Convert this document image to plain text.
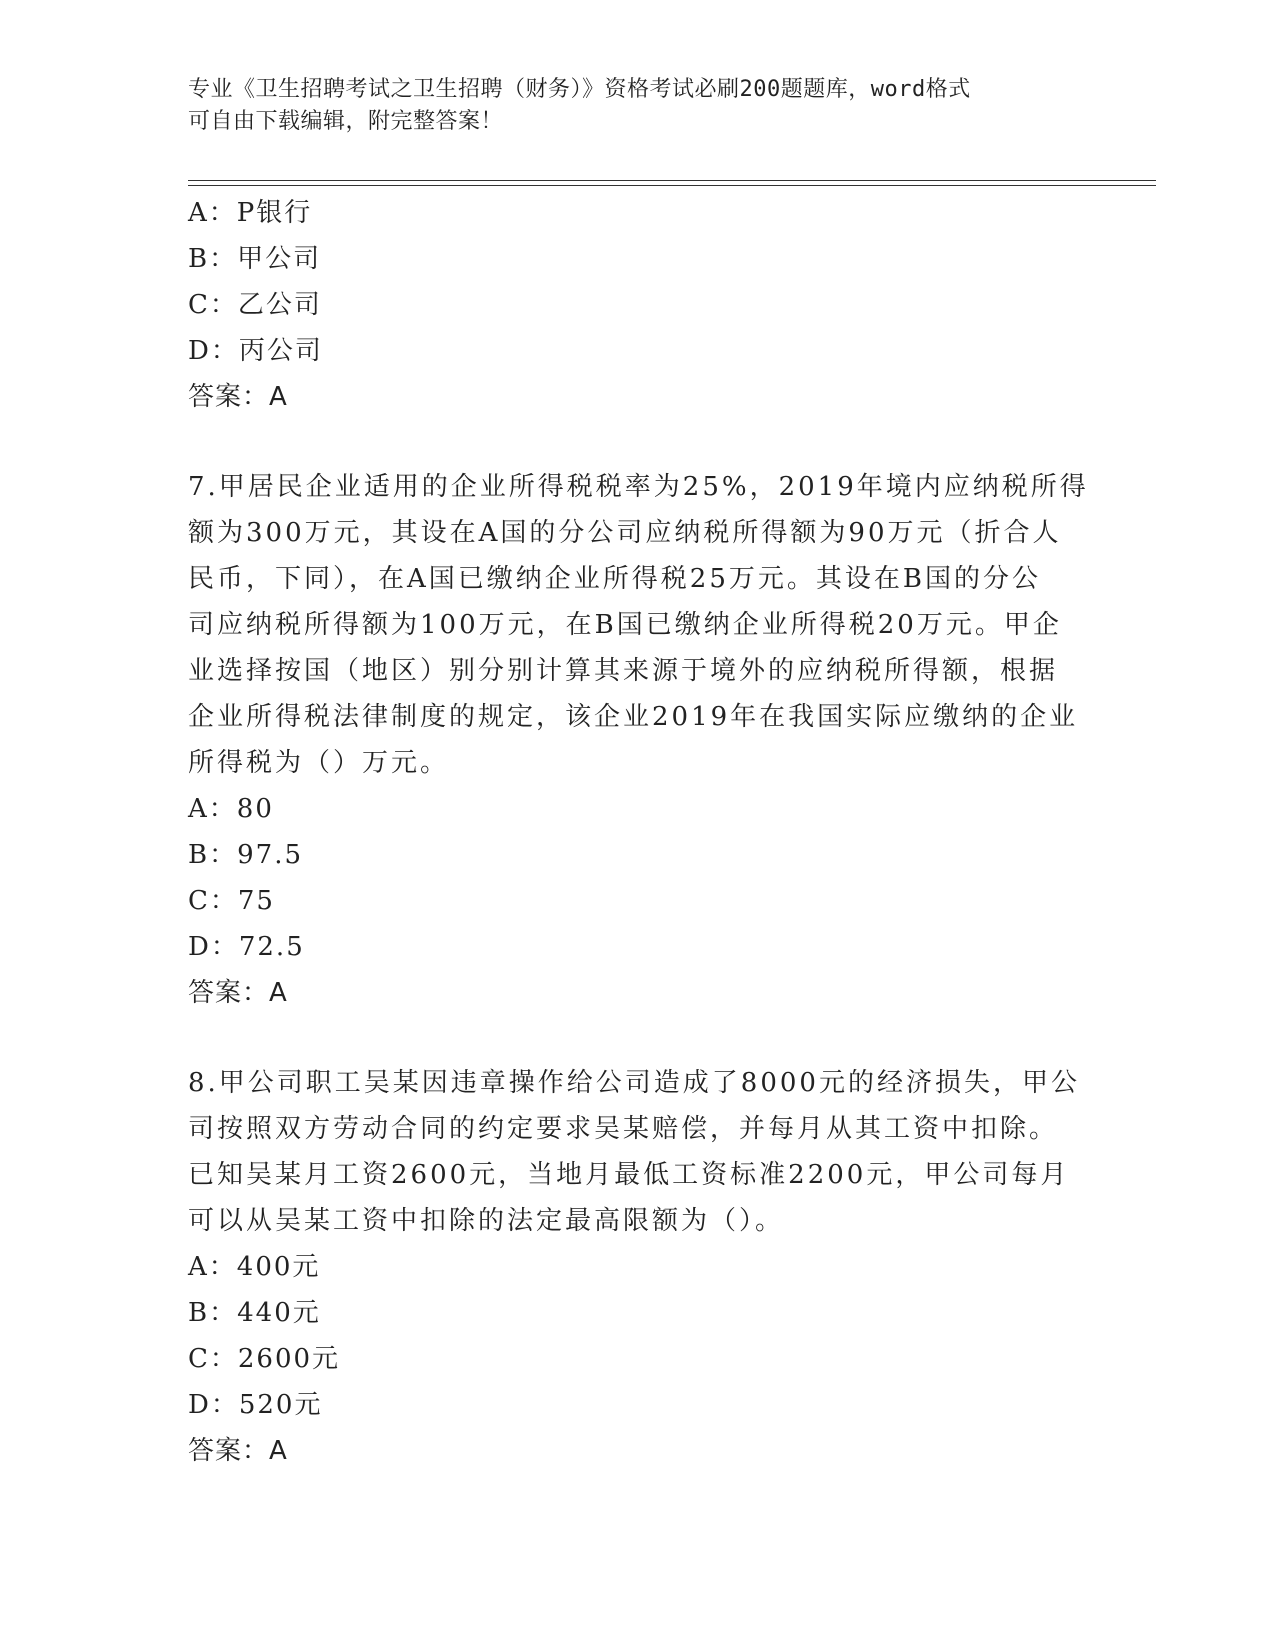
专业《卫生招聘考试之卫生招聘（财务）》资格考试必刷200题题库，word格式
可自由下载编辑，附完整答案！
A：P银行
B：甲公司
C：乙公司
D：丙公司
答案：A
7.甲居民企业适用的企业所得税税率为25%，2019年境内应纳税所得
额为300万元，其设在A国的分公司应纳税所得额为90万元（折合人
民币，下同），在A国已缴纳企业所得税25万元。其设在B国的分公
司应纳税所得额为100万元，在B国已缴纳企业所得税20万元。甲企
业选择按国（地区）别分别计算其来源于境外的应纳税所得额，根据
企业所得税法律制度的规定，该企业2019年在我国实际应缴纳的企业
所得税为（）万元。
A：80
B：97.5
C：75
D：72.5
答案：A
8.甲公司职工吴某因违章操作给公司造成了8000元的经济损失，甲公
司按照双方劳动合同的约定要求吴某赔偿，并每月从其工资中扣除。
已知吴某月工资2600元，当地月最低工资标准2200元，甲公司每月
可以从吴某工资中扣除的法定最高限额为（）。
A：400元
B：440元
C：2600元
D：520元
答案：A
